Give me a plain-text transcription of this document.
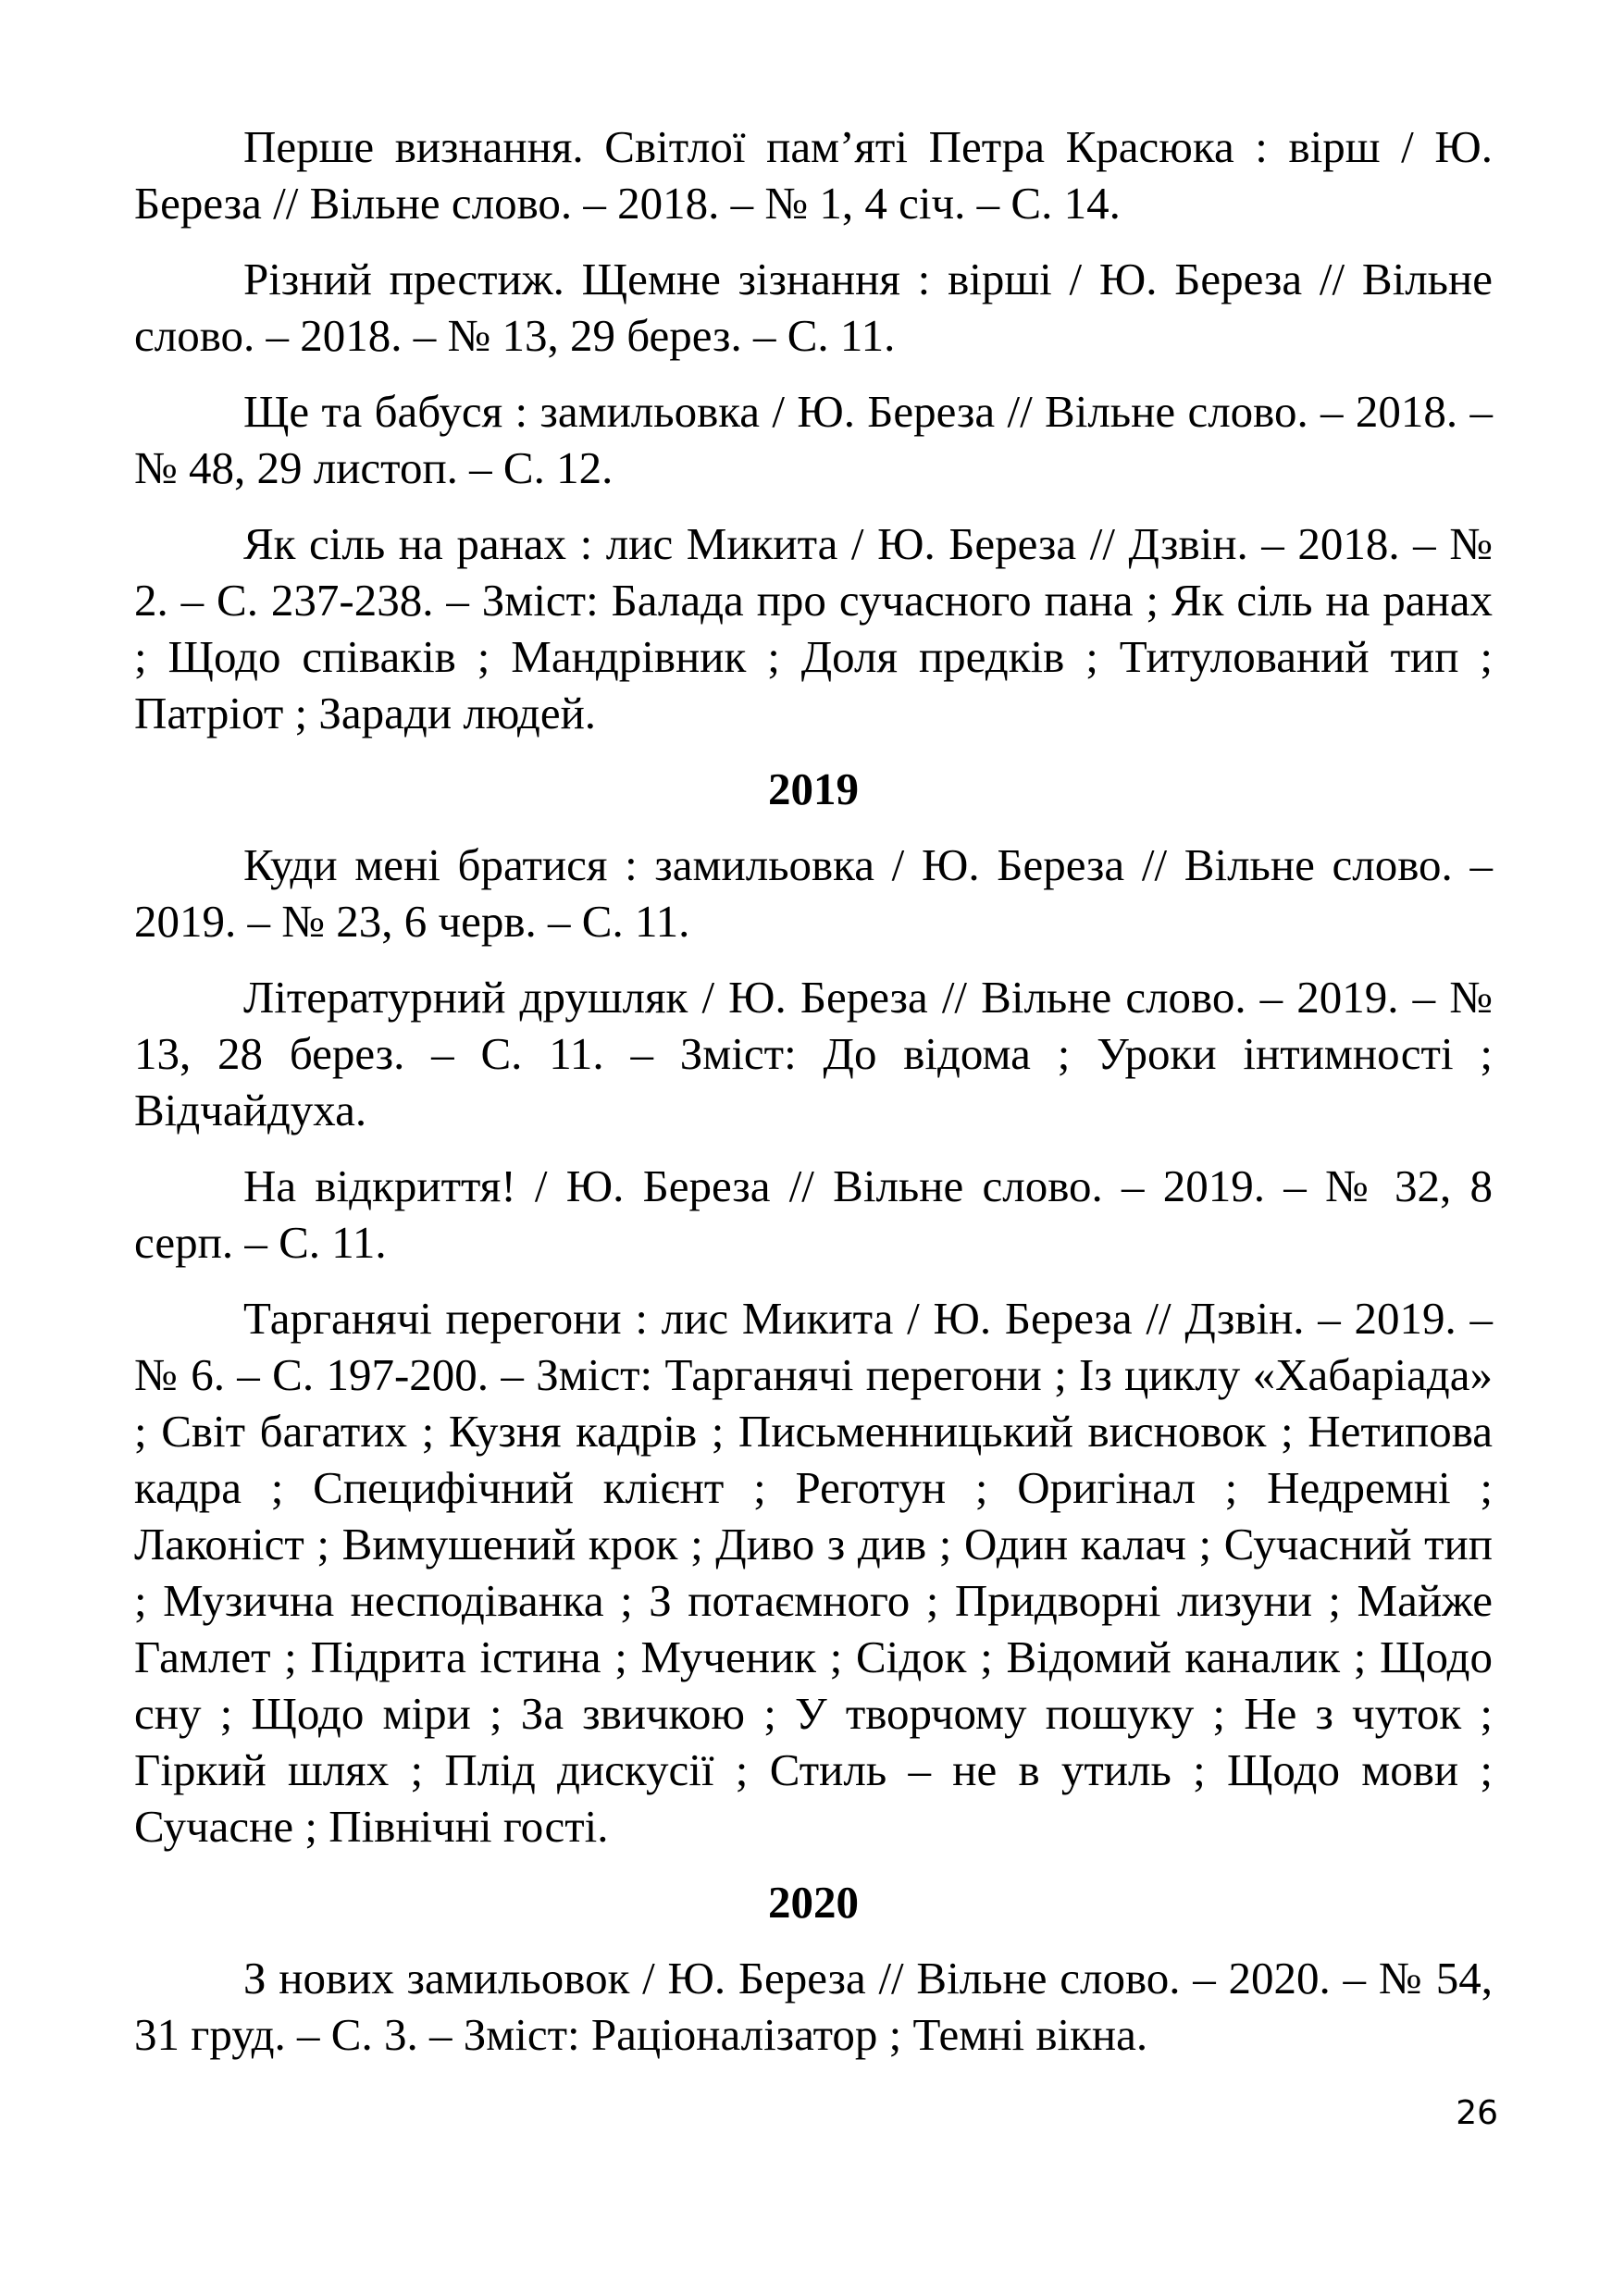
Перше визнання. Світлої пам’яті Петра Красюка : вірш / Ю. Береза // Вільне слово. – 2018. – № 1, 4 січ. – С. 14.

Різний престиж. Щемне зізнання : вірші / Ю. Береза // Вільне слово. – 2018. – № 13, 29 берез. – С. 11.

Ще та бабуся : замильовка / Ю. Береза // Вільне слово. – 2018. – № 48, 29 листоп. – С. 12.

Як сіль на ранах : лис Микита / Ю. Береза // Дзвін. – 2018. – № 2. – С. 237-238. – Зміст: Балада про сучасного пана ; Як сіль на ранах ; Щодо співаків ; Мандрівник ; Доля предків ; Титулований тип ; Патріот ; Заради людей.

2019

Куди мені братися : замильовка / Ю. Береза // Вільне слово. – 2019. – № 23, 6 черв. – С. 11.

Літературний друшляк / Ю. Береза // Вільне слово. – 2019. – № 13, 28 берез. – С. 11. – Зміст: До відома ; Уроки інтимності ; Відчайдуха.

На відкриття! / Ю. Береза // Вільне слово. – 2019. – № 32, 8 серп. – С. 11.

Тарганячі перегони : лис Микита / Ю. Береза // Дзвін. – 2019. – № 6. – С. 197-200. – Зміст: Тарганячі перегони ; Із циклу «Хабаріада» ; Світ багатих ; Кузня кадрів ; Письменницький висновок ; Нетипова кадра ; Специфічний клієнт ; Реготун ; Оригінал ; Недремні ; Лаконіст ; Вимушений крок ; Диво з див ; Один калач ; Сучасний тип ; Музична несподіванка ; З потаємного ; Придворні лизуни ; Майже Гамлет ; Підрита істина ; Мученик ; Сідок ; Відомий каналик ; Щодо сну ; Щодо міри ; За звичкою ; У творчому пошуку ; Не з чуток ; Гіркий шлях ; Плід дискусії ; Стиль – не в утиль ; Щодо мови ; Сучасне ; Північні гості.

2020

З нових замильовок / Ю. Береза // Вільне слово. – 2020. – № 54, 31 груд. – С. 3. – Зміст: Раціоналізатор ; Темні вікна.

26
